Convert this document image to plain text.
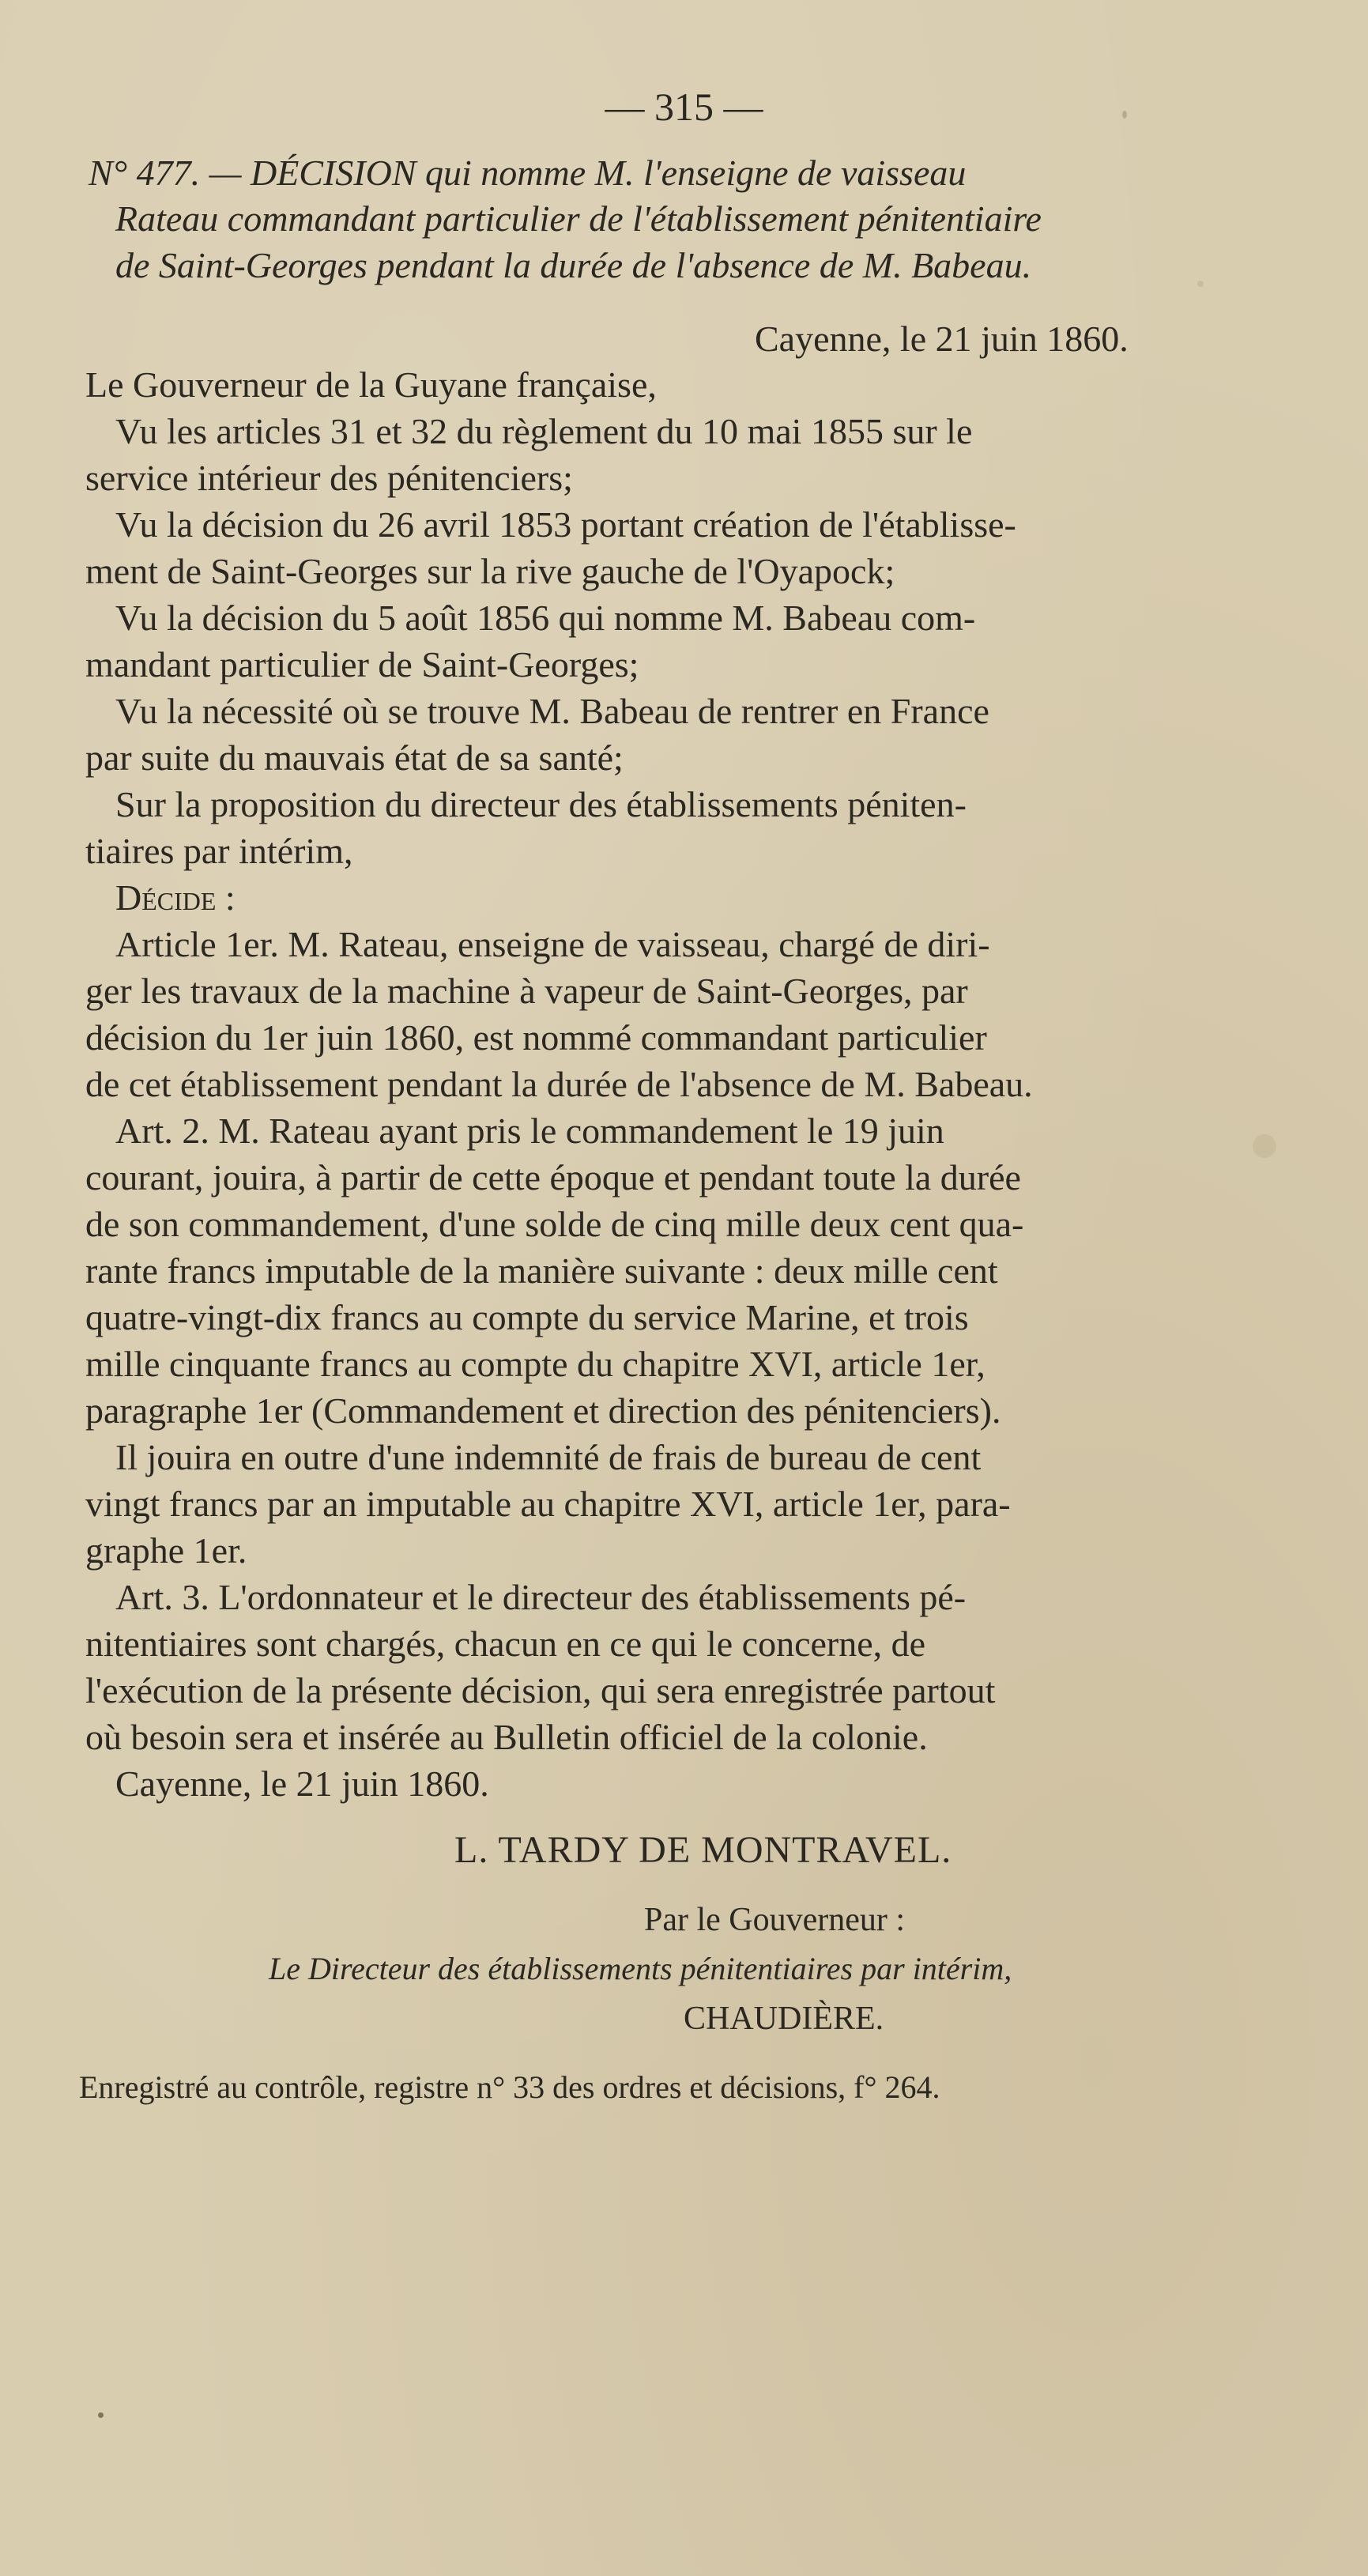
— 315 —
N° 477. — DÉCISION qui nomme M. l'enseigne de vaisseau
Rateau commandant particulier de l'établissement pénitentiaire
de Saint-Georges pendant la durée de l'absence de M. Babeau.
Cayenne, le 21 juin 1860.
Le Gouverneur de la Guyane française,
Vu les articles 31 et 32 du règlement du 10 mai 1855 sur le
service intérieur des pénitenciers;
Vu la décision du 26 avril 1853 portant création de l'établisse-
ment de Saint-Georges sur la rive gauche de l'Oyapock;
Vu la décision du 5 août 1856 qui nomme M. Babeau com-
mandant particulier de Saint-Georges;
Vu la nécessité où se trouve M. Babeau de rentrer en France
par suite du mauvais état de sa santé;
Sur la proposition du directeur des établissements péniten-
tiaires par intérim,
Décide :
Article 1er. M. Rateau, enseigne de vaisseau, chargé de diri-
ger les travaux de la machine à vapeur de Saint-Georges, par
décision du 1er juin 1860, est nommé commandant particulier
de cet établissement pendant la durée de l'absence de M. Babeau.
Art. 2. M. Rateau ayant pris le commandement le 19 juin
courant, jouira, à partir de cette époque et pendant toute la durée
de son commandement, d'une solde de cinq mille deux cent qua-
rante francs imputable de la manière suivante : deux mille cent
quatre-vingt-dix francs au compte du service Marine, et trois
mille cinquante francs au compte du chapitre XVI, article 1er,
paragraphe 1er (Commandement et direction des pénitenciers).
Il jouira en outre d'une indemnité de frais de bureau de cent
vingt francs par an imputable au chapitre XVI, article 1er, para-
graphe 1er.
Art. 3. L'ordonnateur et le directeur des établissements pé-
nitentiaires sont chargés, chacun en ce qui le concerne, de
l'exécution de la présente décision, qui sera enregistrée partout
où besoin sera et insérée au Bulletin officiel de la colonie.
Cayenne, le 21 juin 1860.
L. TARDY DE MONTRAVEL.
Par le Gouverneur :
Le Directeur des établissements pénitentiaires par intérim,
CHAUDIÈRE.
Enregistré au contrôle, registre n° 33 des ordres et décisions, f° 264.
